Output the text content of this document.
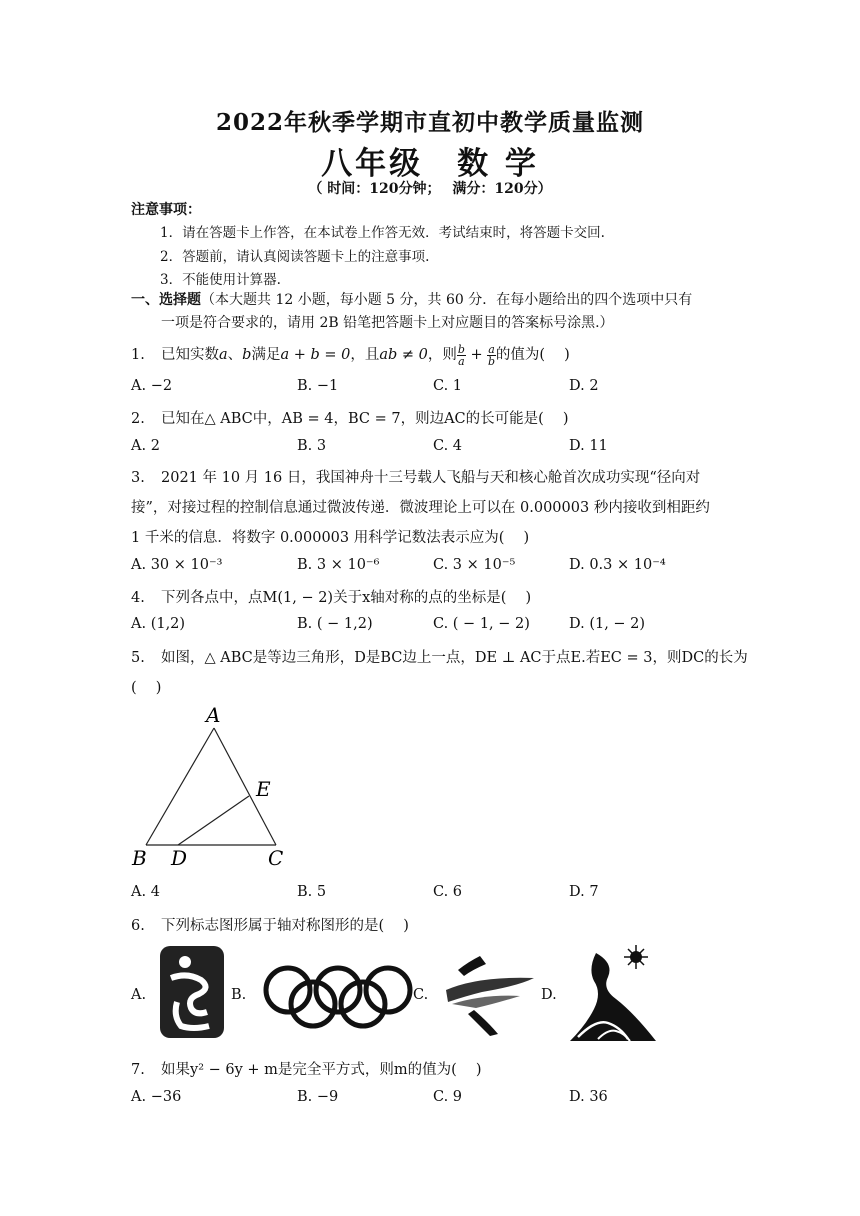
2022年秋季学期市直初中教学质量监测
八年级　数 学
（ 时间：120分钟；　 满分：120分）
注意事项：
1．请在答题卡上作答，在本试卷上作答无效．考试结束时，将答题卡交回.
2．答题前，请认真阅读答题卡上的注意事项.
3．不能使用计算器.
一、选择题（本大题共 12 小题，每小题 5 分，共 60 分．在每小题给出的四个选项中只有
一项是符合要求的，请用 2B 铅笔把答题卡上对应题目的答案标号涂黑.）
1. 已知实数a、b满足a + b = 0，且ab ≠ 0，则 $\frac{b}{a} + \frac{a}{b}$ 的值为(　 )
A. −2	B. −1	C. 1	D. 2
2. 已知在△ ABC中，AB = 4，BC = 7，则边AC的长可能是(　 )
A. 2	B. 3	C. 4	D. 11
3. 2021 年 10 月 16 日，我国神舟十三号载人飞船与天和核心舱首次成功实现“径向对
接”，对接过程的控制信息通过微波传递．微波理论上可以在 0.000003 秒内接收到相距约
1 千米的信息．将数字 0.000003 用科学记数法表示应为(　 )
A. 30 × 10⁻³	B. 3 × 10⁻⁶	C. 3 × 10⁻⁵	D. 0.3 × 10⁻⁴
4. 下列各点中，点M(1, − 2)关于x轴对称的点的坐标是(　 )
A. (1,2)	B. ( − 1,2)	C. ( − 1, − 2)	D. (1, − 2)
5. 如图，△ ABC是等边三角形，D是BC边上一点，DE ⊥ AC于点E.若EC = 3，则DC的长为
(　 )
A
B D	C
E
A. 4	B. 5	C. 6	D. 7
6. 下列标志图形属于轴对称图形的是(　 )
A.	B.	C.	D.
7. 如果y² − 6y + m是完全平方式，则m的值为(　 )
A. −36	B. −9	C. 9	D. 36
